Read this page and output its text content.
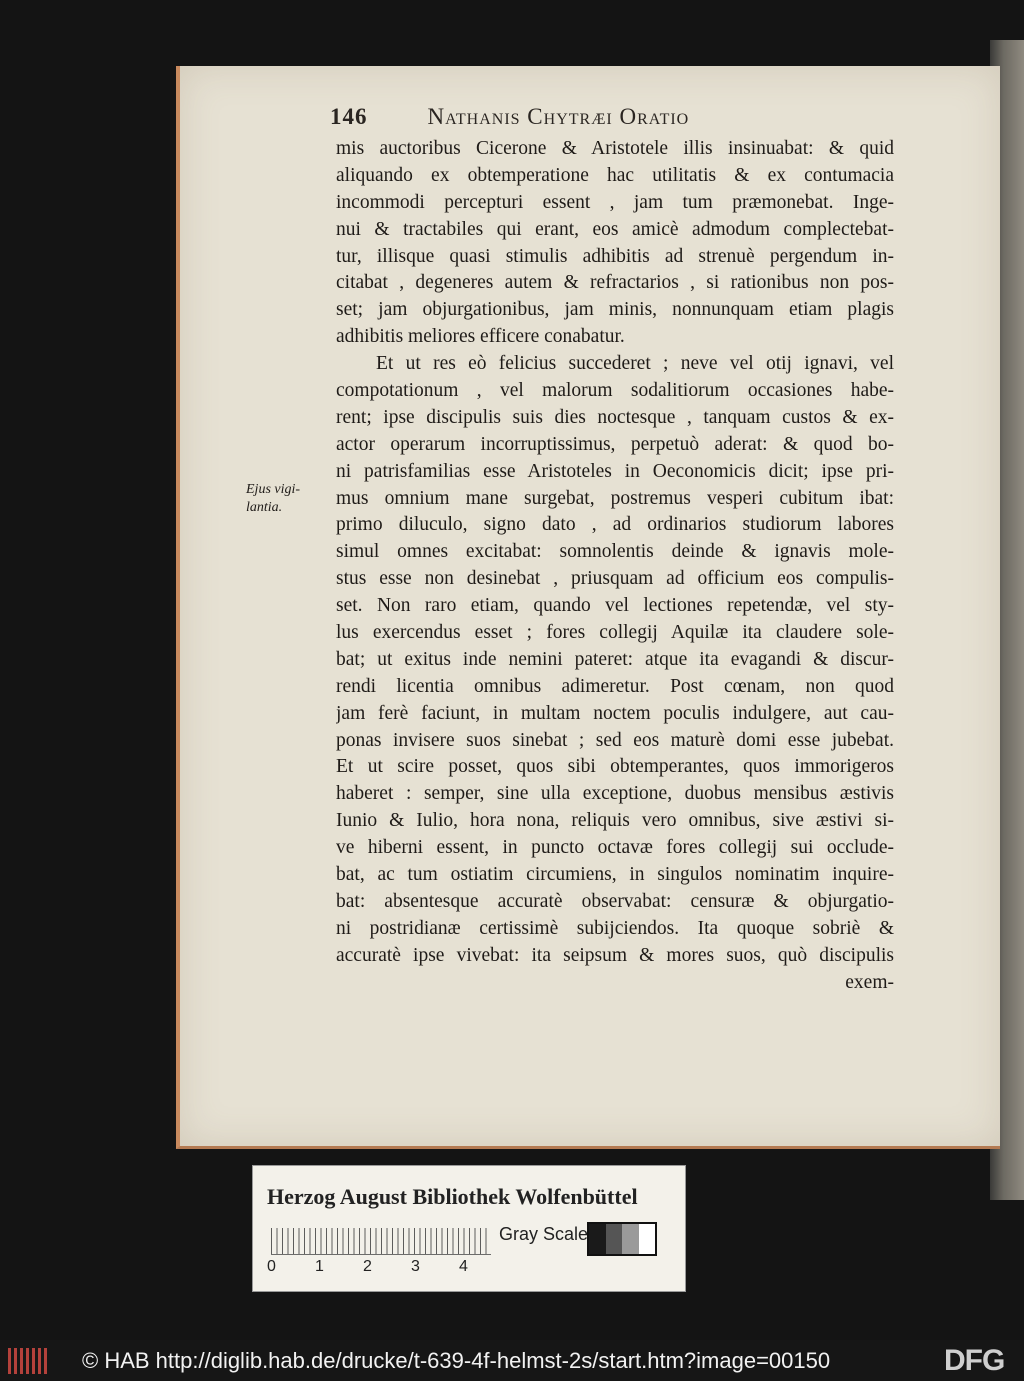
146	Nathanis Chytræi Oratio
Ejus vigi-
lantia.
mis auctoribus Cicerone & Aristotele illis insinuabat: & quid
aliquando ex obtemperatione hac utilitatis & ex contumacia
incommodi percepturi essent , jam tum præmonebat. Inge-
nui & tractabiles qui erant, eos amicè admodum complectebat-
tur, illisque quasi stimulis adhibitis ad strenuè pergendum in-
citabat , degeneres autem & refractarios , si rationibus non pos-
set; jam objurgationibus, jam minis, nonnunquam etiam plagis
adhibitis meliores efficere conabatur.
Et ut res eò felicius succederet ; neve vel otij ignavi, vel
compotationum , vel malorum sodalitiorum occasiones habe-
rent; ipse discipulis suis dies noctesque , tanquam custos & ex-
actor operarum incorruptissimus, perpetuò aderat: & quod bo-
ni patrisfamilias esse Aristoteles in Oeconomicis dicit; ipse pri-
mus omnium mane surgebat, postremus vesperi cubitum ibat:
primo diluculo, signo dato , ad ordinarios studiorum labores
simul omnes excitabat: somnolentis deinde & ignavis mole-
stus esse non desinebat , priusquam ad officium eos compulis-
set. Non raro etiam, quando vel lectiones repetendæ, vel sty-
lus exercendus esset ; fores collegij Aquilæ ita claudere sole-
bat; ut exitus inde nemini pateret: atque ita evagandi & discur-
rendi licentia omnibus adimeretur. Post cœnam, non quod
jam ferè faciunt, in multam noctem poculis indulgere, aut cau-
ponas invisere suos sinebat ; sed eos maturè domi esse jubebat.
Et ut scire posset, quos sibi obtemperantes, quos immorigeros
haberet : semper, sine ulla exceptione, duobus mensibus æstivis
Iunio & Iulio, hora nona, reliquis vero omnibus, sive æstivi si-
ve hiberni essent, in puncto octavæ fores collegij sui occlude-
bat, ac tum ostiatim circumiens, in singulos nominatim inquire-
bat: absentesque accuratè observabat: censuræ & objurgatio-
ni postridianæ certissimè subijciendos. Ita quoque sobriè &
accuratè ipse vivebat: ita seipsum & mores suos, quò discipulis
exem-
Herzog August Bibliothek Wolfenbüttel
0	1	2	3	4
Gray Scale
© HAB http://diglib.hab.de/drucke/t-639-4f-helmst-2s/start.htm?image=00150	DFG
